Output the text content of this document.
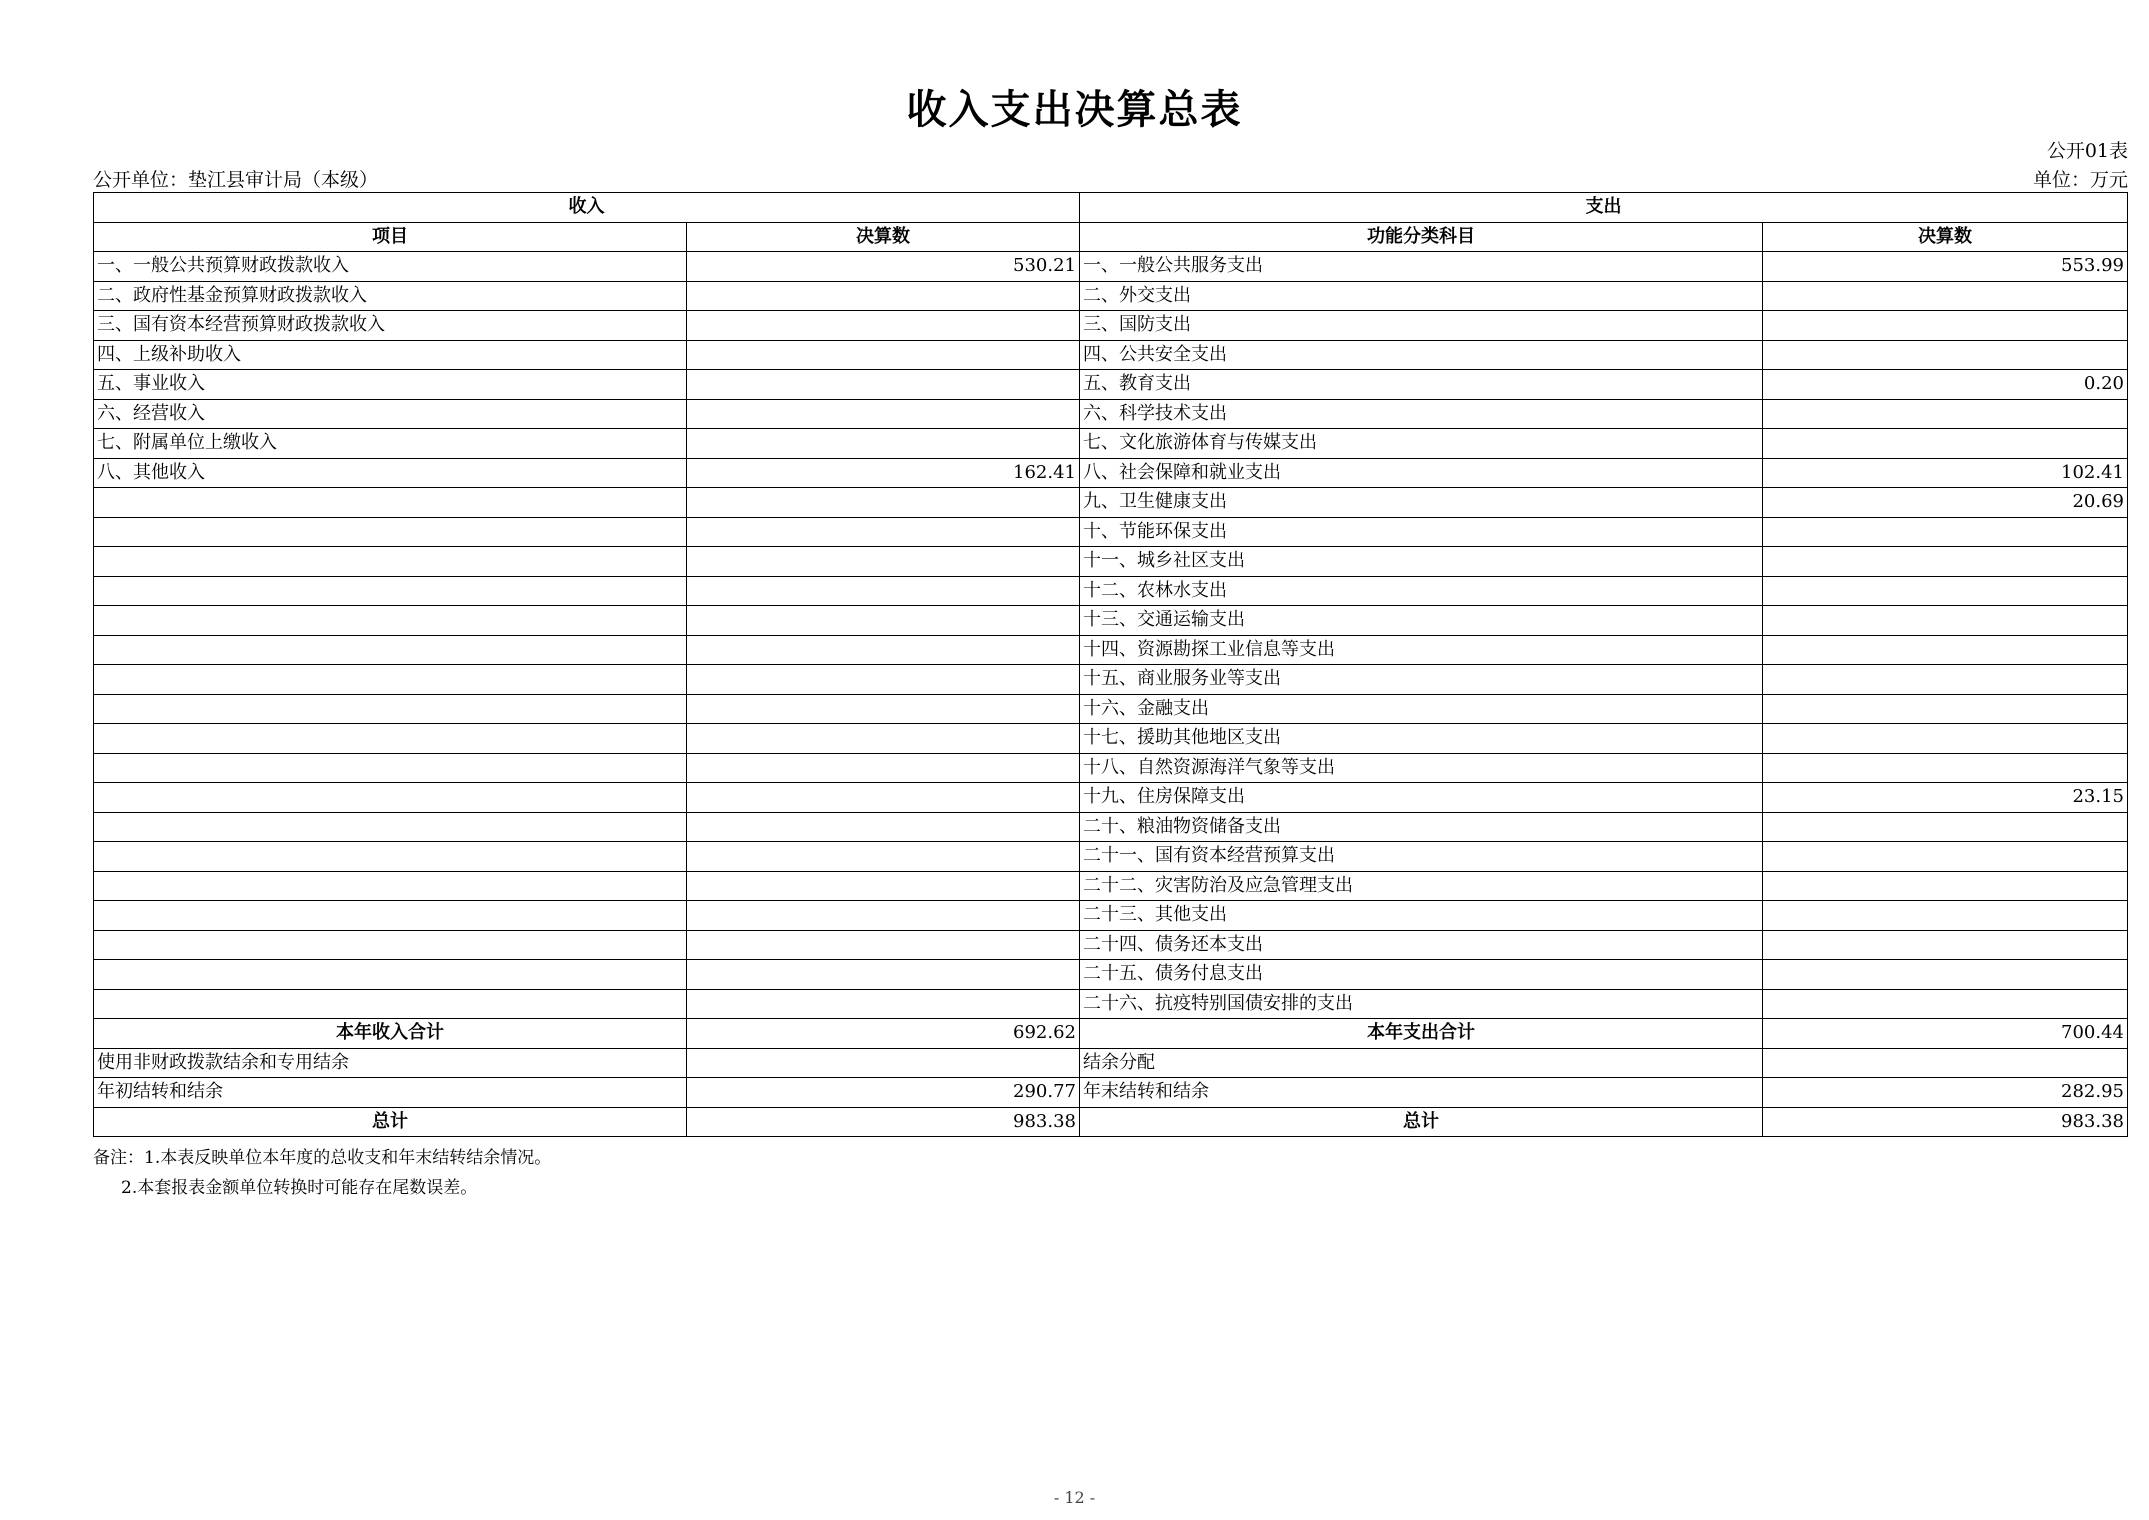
收入支出决算总表
公开01表
公开单位：垫江县审计局（本级）	单位：万元
收入		支出	
项目	决算数	功能分类科目	决算数
一、一般公共预算财政拨款收入	530.21	一、一般公共服务支出	553.99
二、政府性基金预算财政拨款收入		二、外交支出	
三、国有资本经营预算财政拨款收入		三、国防支出	
四、上级补助收入		四、公共安全支出	
五、事业收入		五、教育支出	0.20
六、经营收入		六、科学技术支出	
七、附属单位上缴收入		七、文化旅游体育与传媒支出	
八、其他收入	162.41	八、社会保障和就业支出	102.41
		九、卫生健康支出	20.69
		十、节能环保支出	
		十一、城乡社区支出	
		十二、农林水支出	
		十三、交通运输支出	
		十四、资源勘探工业信息等支出	
		十五、商业服务业等支出	
		十六、金融支出	
		十七、援助其他地区支出	
		十八、自然资源海洋气象等支出	
		十九、住房保障支出	23.15
		二十、粮油物资储备支出	
		二十一、国有资本经营预算支出	
		二十二、灾害防治及应急管理支出	
		二十三、其他支出	
		二十四、债务还本支出	
		二十五、债务付息支出	
		二十六、抗疫特别国债安排的支出	
本年收入合计	692.62	本年支出合计	700.44
使用非财政拨款结余和专用结余		结余分配	
年初结转和结余	290.77	年末结转和结余	282.95
总计	983.38	总计	983.38
备注：1.本表反映单位本年度的总收支和年末结转结余情况。
2.本套报表金额单位转换时可能存在尾数误差。
- 12 -
